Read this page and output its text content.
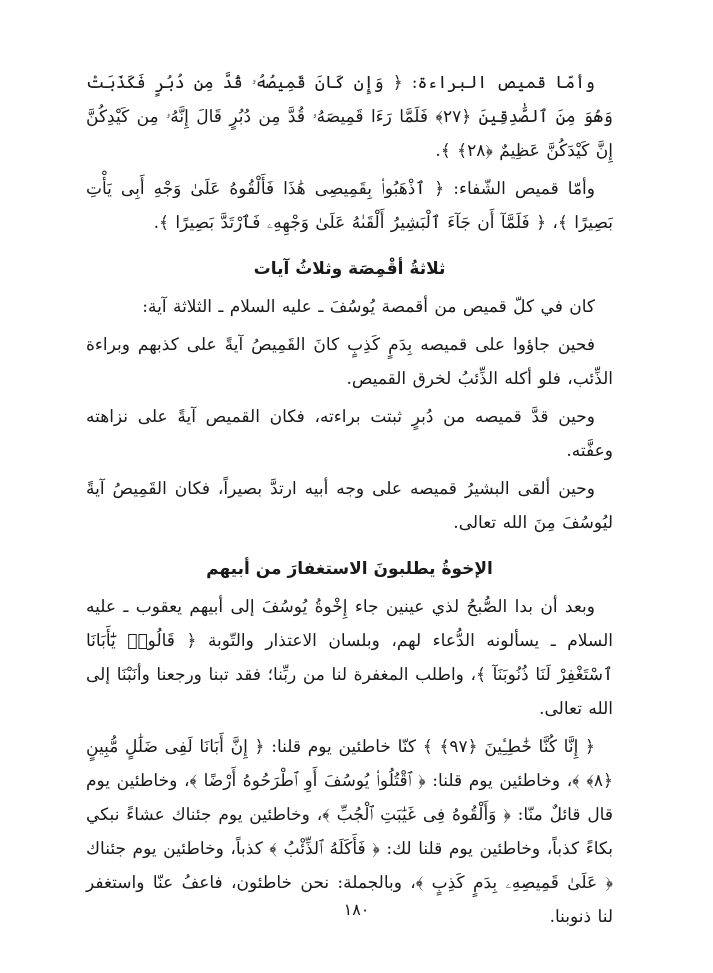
وأمّا قميص البراءة: ﴿ وَإِن كَانَ قَمِيصُهُۥ قُدَّ مِن دُبُرٍ فَكَذَبَتْ وَهُوَ مِنَ ٱلصَّٰدِقِينَ ﴿٢٧﴾ فَلَمَّا رَءَا قَمِيصَهُۥ قُدَّ مِن دُبُرٍ قَالَ إِنَّهُۥ مِن كَيْدِكُنَّ إِنَّ كَيْدَكُنَّ عَظِيمٌ ﴿٢٨﴾ ﴾.

وأمّا قميص الشّفاء: ﴿ ٱذْهَبُوا۟ بِقَمِيصِى هَٰذَا فَأَلْقُوهُ عَلَىٰ وَجْهِ أَبِى يَأْتِ بَصِيرًا ﴾، ﴿ فَلَمَّآ أَن جَآءَ ٱلْبَشِيرُ أَلْقَىٰهُ عَلَىٰ وَجْهِهِۦ فَٱرْتَدَّ بَصِيرًا ﴾.

ثلاثةُ أقْمِصَة وثلاثُ آيات

كان في كلّ قميص من أقمصة يُوسُفَ ـ عليه السلام ـ الثلاثة آية:

فحين جاؤوا على قميصه بِدَمٍ كَذِبٍ كانَ القَمِيصُ آيةً على كذبهم وبراءة الذِّئب، فلو أكله الذِّئبُ لخرق القميص.

وحين قدَّ قميصه من دُبرٍ ثبتت براءته، فكان القميص آيةً على نزاهته وعفَّته.

وحين ألقى البشيرُ قميصه على وجه أبيه ارتدَّ بصيراً، فكان القَمِيصُ آيةً ليُوسُفَ مِنَ الله تعالى.

الإخوةُ يطلبونَ الاستغفارَ من أبيهم

وبعد أن بدا الصُّبحُ لذي عينين جاء إِخْوةُ يُوسُفَ إلى أبيهم يعقوب ـ عليه السلام ـ يسألونه الدُّعاء لهم، وبلسان الاعتذار والتّوبة ﴿ قَالُوا۟ يَٰٓأَبَانَا ٱسْتَغْفِرْ لَنَا ذُنُوبَنَآ ﴾، واطلب المغفرة لنا من ربِّنا؛ فقد تبنا ورجعنا وأنَبْنَا إلى الله تعالى.

﴿ إِنَّا كُنَّا خَٰطِـِٔينَ ﴿٩٧﴾ ﴾ كنّا خاطئين يوم قلنا: ﴿ إِنَّ أَبَانَا لَفِى ضَلَٰلٍ مُّبِينٍ ﴿٨﴾ ﴾، وخاطئين يوم قلنا: ﴿ ٱقْتُلُوا۟ يُوسُفَ أَوِ ٱطْرَحُوهُ أَرْضًا ﴾، وخاطئين يوم قال قائلٌ منّا: ﴿ وَأَلْقُوهُ فِى غَيَٰبَتِ ٱلْجُبِّ ﴾، وخاطئين يوم جئناك عشاءً نبكي بكاءً كذباً، وخاطئين يوم قلنا لك: ﴿ فَأَكَلَهُ ٱلذِّئْبُ ﴾ كذباً، وخاطئين يوم جئناك ﴿ عَلَىٰ قَمِيصِهِۦ بِدَمٍ كَذِبٍ ﴾، وبالجملة: نحن خاطئون، فاعفُ عنّا واستغفر لنا ذنوبنا.

١٨٠
